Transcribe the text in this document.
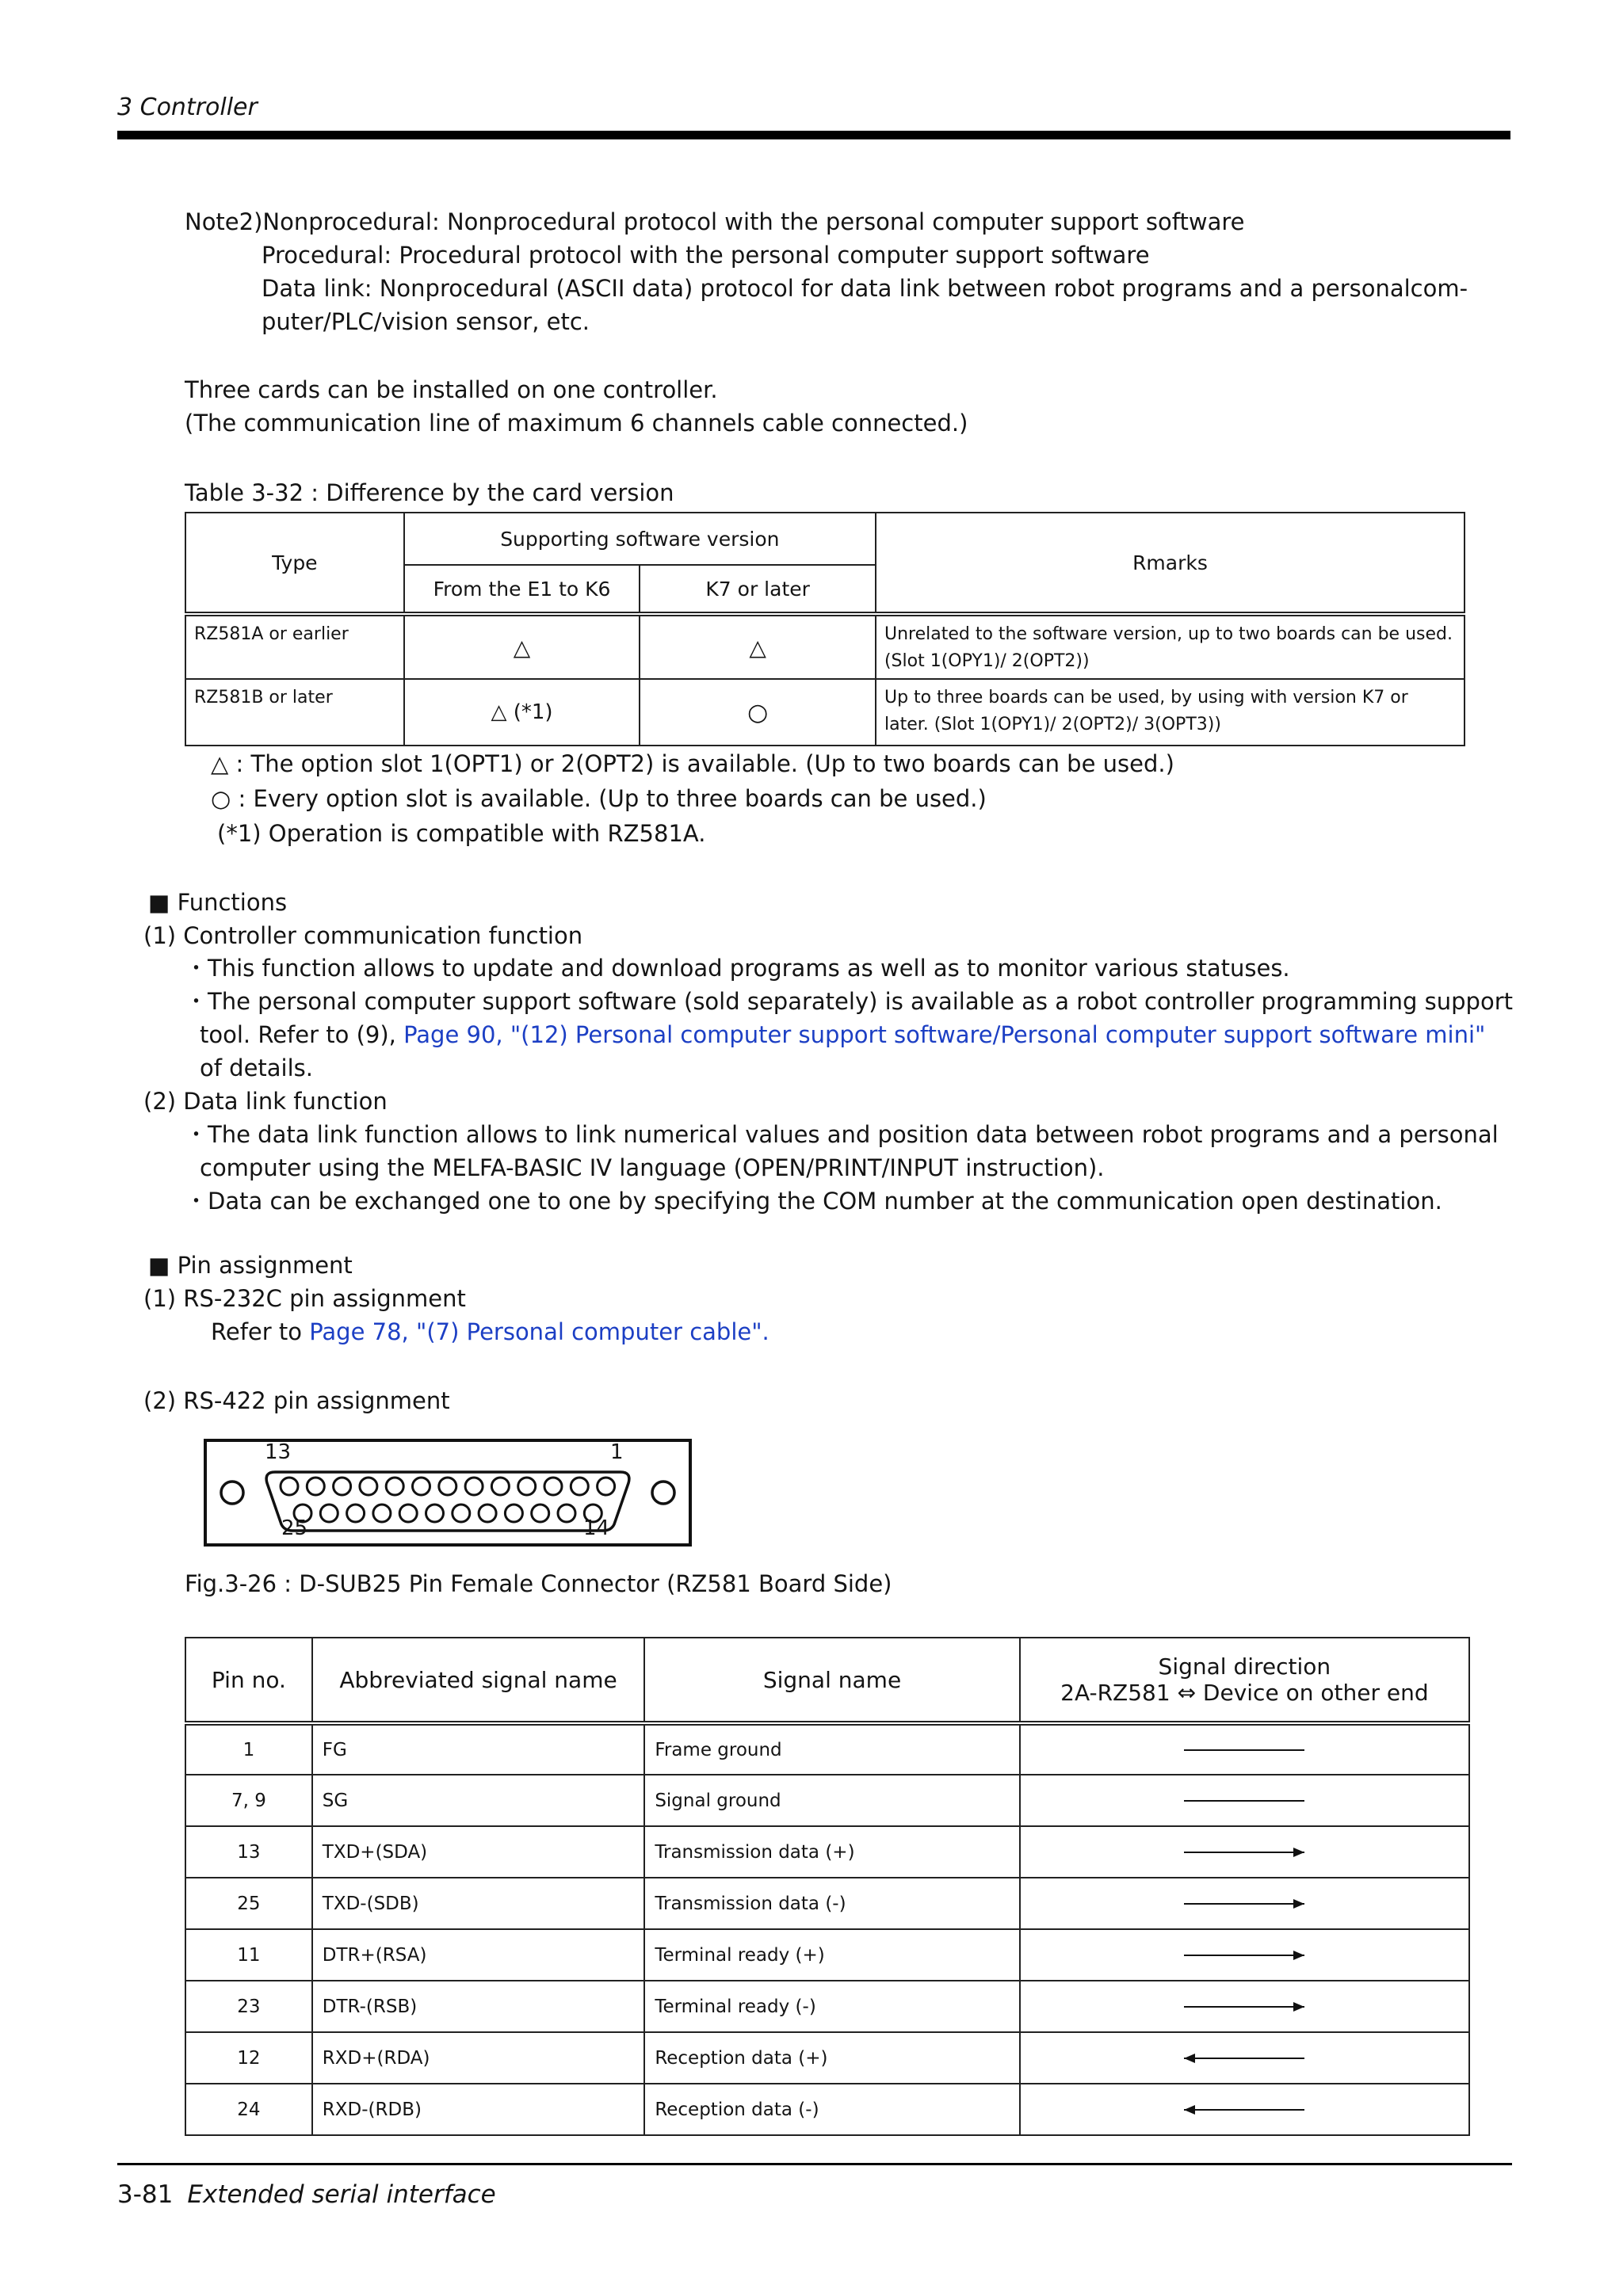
3 Controller
Note2)Nonprocedural: Nonprocedural protocol with the personal computer support software
Procedural: Procedural protocol with the personal computer support software
Data link: Nonprocedural (ASCII data) protocol for data link between robot programs and a personalcom-
puter/PLC/vision sensor, etc.
Three cards can be installed on one controller.
(The communication line of maximum 6 channels cable connected.)
Table 3-32 : Difference by the card version
Type	Supporting software version		Rmarks
	From the E1 to K6	K7 or later	
RZ581A or earlier	△	△	Unrelated to the software version, up to two boards can be used. (Slot 1(OPY1)/ 2(OPT2))
RZ581B or later	△ (*1)	○	Up to three boards can be used, by using with version K7 or later. (Slot 1(OPY1)/ 2(OPT2)/ 3(OPT3))
△ : The option slot 1(OPT1) or 2(OPT2) is available. (Up to two boards can be used.)
○ : Every option slot is available. (Up to three boards can be used.)
(*1) Operation is compatible with RZ581A.
■ Functions
(1) Controller communication function
・This function allows to update and download programs as well as to monitor various statuses.
・The personal computer support software (sold separately) is available as a robot controller programming support
tool. Refer to (9), Page 90, "(12) Personal computer support software/Personal computer support software mini"
of details.
(2) Data link function
・The data link function allows to link numerical values and position data between robot programs and a personal
computer using the MELFA-BASIC IV language (OPEN/PRINT/INPUT instruction).
・Data can be exchanged one to one by specifying the COM number at the communication open destination.
■ Pin assignment
(1) RS-232C pin assignment
Refer to Page 78, "(7) Personal computer cable".
(2) RS-422 pin assignment
13	1
25	14
Fig.3-26 : D-SUB25 Pin Female Connector (RZ581 Board Side)
Pin no.	Abbreviated signal name	Signal name	Signal direction
2A-RZ581 ⇔ Device on other end

1	FG	Frame ground	
7, 9	SG	Signal ground	
13	TXD+(SDA)	Transmission data (+)	
25	TXD-(SDB)	Transmission data (-)	
11	DTR+(RSA)	Terminal ready (+)	
23	DTR-(RSB)	Terminal ready (-)	
12	RXD+(RDA)	Reception data (+)	
24	RXD-(RDB)	Reception data (-)	
3-81 Extended serial interface
